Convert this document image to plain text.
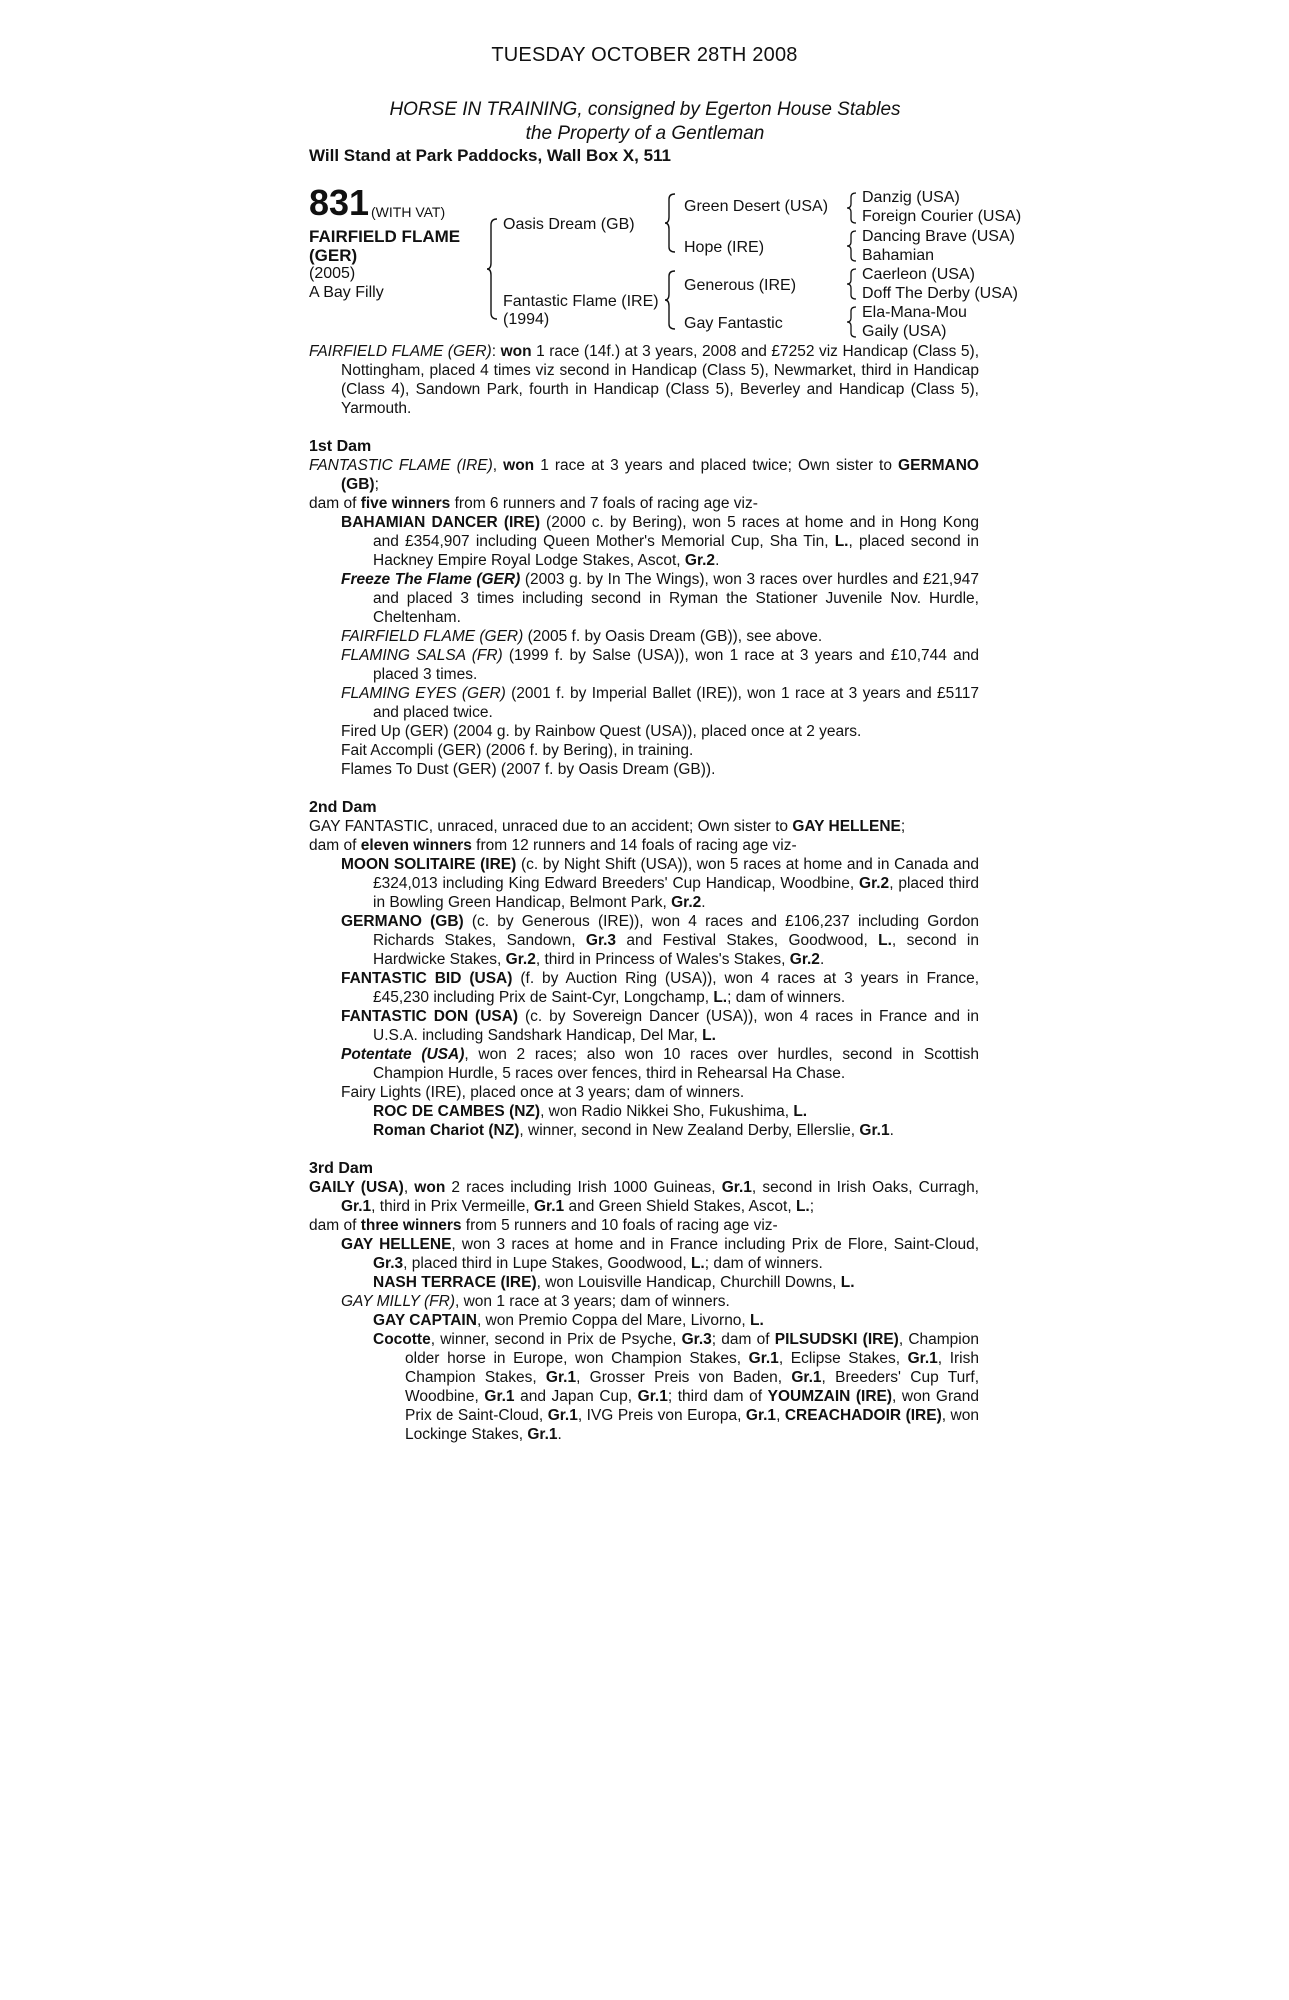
TUESDAY OCTOBER 28TH 2008
HORSE IN TRAINING, consigned by Egerton House Stables
the Property of a Gentleman
Will Stand at Park Paddocks, Wall Box X, 511
831 (WITH VAT)
FAIRFIELD FLAME
(GER)
(2005)
A Bay Filly
Oasis Dream (GB)
Fantastic Flame (IRE)
(1994)
Green Desert (USA)
Hope (IRE)
Generous (IRE)
Gay Fantastic
Danzig (USA)
Foreign Courier (USA)
Dancing Brave (USA)
Bahamian
Caerleon (USA)
Doff The Derby (USA)
Ela-Mana-Mou
Gaily (USA)

FAIRFIELD FLAME (GER): won 1 race (14f.) at 3 years, 2008 and £7252 viz Handicap (Class 5), Nottingham, placed 4 times viz second in Handicap (Class 5), Newmarket, third in Handicap (Class 4), Sandown Park, fourth in Handicap (Class 5), Beverley and Handicap (Class 5), Yarmouth.

1st Dam

FANTASTIC FLAME (IRE), won 1 race at 3 years and placed twice; Own sister to GERMANO (GB);

dam of five winners from 6 runners and 7 foals of racing age viz-

BAHAMIAN DANCER (IRE) (2000 c. by Bering), won 5 races at home and in Hong Kong and £354,907 including Queen Mother's Memorial Cup, Sha Tin, L., placed second in Hackney Empire Royal Lodge Stakes, Ascot, Gr.2.

Freeze The Flame (GER) (2003 g. by In The Wings), won 3 races over hurdles and £21,947 and placed 3 times including second in Ryman the Stationer Juvenile Nov. Hurdle, Cheltenham.

FAIRFIELD FLAME (GER) (2005 f. by Oasis Dream (GB)), see above.

FLAMING SALSA (FR) (1999 f. by Salse (USA)), won 1 race at 3 years and £10,744 and placed 3 times.

FLAMING EYES (GER) (2001 f. by Imperial Ballet (IRE)), won 1 race at 3 years and £5117 and placed twice.

Fired Up (GER) (2004 g. by Rainbow Quest (USA)), placed once at 2 years.

Fait Accompli (GER) (2006 f. by Bering), in training.

Flames To Dust (GER) (2007 f. by Oasis Dream (GB)).

2nd Dam

GAY FANTASTIC, unraced, unraced due to an accident; Own sister to GAY HELLENE;

dam of eleven winners from 12 runners and 14 foals of racing age viz-

MOON SOLITAIRE (IRE) (c. by Night Shift (USA)), won 5 races at home and in Canada and £324,013 including King Edward Breeders' Cup Handicap, Woodbine, Gr.2, placed third in Bowling Green Handicap, Belmont Park, Gr.2.

GERMANO (GB) (c. by Generous (IRE)), won 4 races and £106,237 including Gordon Richards Stakes, Sandown, Gr.3 and Festival Stakes, Goodwood, L., second in Hardwicke Stakes, Gr.2, third in Princess of Wales's Stakes, Gr.2.

FANTASTIC BID (USA) (f. by Auction Ring (USA)), won 4 races at 3 years in France, £45,230 including Prix de Saint-Cyr, Longchamp, L.; dam of winners.

FANTASTIC DON (USA) (c. by Sovereign Dancer (USA)), won 4 races in France and in U.S.A. including Sandshark Handicap, Del Mar, L.

Potentate (USA), won 2 races; also won 10 races over hurdles, second in Scottish Champion Hurdle, 5 races over fences, third in Rehearsal Ha Chase.

Fairy Lights (IRE), placed once at 3 years; dam of winners.

ROC DE CAMBES (NZ), won Radio Nikkei Sho, Fukushima, L.

Roman Chariot (NZ), winner, second in New Zealand Derby, Ellerslie, Gr.1.

3rd Dam

GAILY (USA), won 2 races including Irish 1000 Guineas, Gr.1, second in Irish Oaks, Curragh, Gr.1, third in Prix Vermeille, Gr.1 and Green Shield Stakes, Ascot, L.;

dam of three winners from 5 runners and 10 foals of racing age viz-

GAY HELLENE, won 3 races at home and in France including Prix de Flore, Saint-Cloud, Gr.3, placed third in Lupe Stakes, Goodwood, L.; dam of winners.

NASH TERRACE (IRE), won Louisville Handicap, Churchill Downs, L.

GAY MILLY (FR), won 1 race at 3 years; dam of winners.

GAY CAPTAIN, won Premio Coppa del Mare, Livorno, L.

Cocotte, winner, second in Prix de Psyche, Gr.3; dam of PILSUDSKI (IRE), Champion older horse in Europe, won Champion Stakes, Gr.1, Eclipse Stakes, Gr.1, Irish Champion Stakes, Gr.1, Grosser Preis von Baden, Gr.1, Breeders' Cup Turf, Woodbine, Gr.1 and Japan Cup, Gr.1; third dam of YOUMZAIN (IRE), won Grand Prix de Saint-Cloud, Gr.1, IVG Preis von Europa, Gr.1, CREACHADOIR (IRE), won Lockinge Stakes, Gr.1.
